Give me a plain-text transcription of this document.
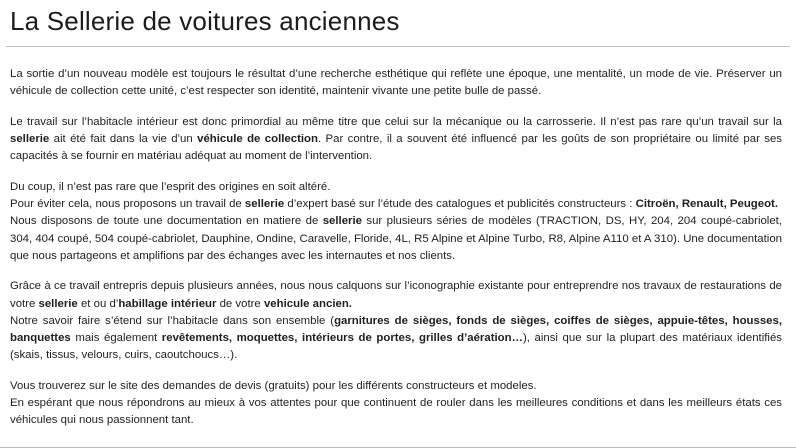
La Sellerie de voitures anciennes

La sortie d’un nouveau modèle est toujours le résultat d’une recherche esthétique qui reflète une époque, une mentalité, un mode de vie. Préserver un véhicule de collection cette unité, c’est respecter son identité, maintenir vivante une petite bulle de passé.

Le travail sur l’habitacle intérieur est donc primordial au même titre que celui sur la mécanique ou la carrosserie. Il n’est pas rare qu’un travail sur la sellerie ait été fait dans la vie d’un véhicule de collection. Par contre, il a souvent été influencé par les goûts de son propriétaire ou limité par ses capacités à se fournir en matériau adéquat au moment de l’intervention.

Du coup, il n’est pas rare que l’esprit des origines en soit altéré.

Pour éviter cela, nous proposons un travail de sellerie d’expert basé sur l’étude des catalogues et publicités constructeurs : Citroën, Renault, Peugeot.

Nous disposons de toute une documentation en matiere de sellerie sur plusieurs séries de modèles (TRACTION, DS, HY, 204, 204 coupé-cabriolet, 304, 404 coupé, 504 coupé-cabriolet, Dauphine, Ondine, Caravelle, Floride, 4L, R5 Alpine et Alpine Turbo, R8, Alpine A110 et A 310). Une documentation que nous partageons et amplifions par des échanges avec les internautes et nos clients.

Grâce à ce travail entrepris depuis plusieurs années, nous nous calquons sur l’iconographie existante pour entreprendre nos travaux de restaurations de votre sellerie et ou d’habillage intérieur de votre vehicule ancien.

Notre savoir faire s’étend sur l’habitacle dans son ensemble (garnitures de sièges, fonds de sièges, coiffes de sièges, appuie-têtes, housses, banquettes mais également revêtements, moquettes, intérieurs de portes, grilles d’aération…), ainsi que sur la plupart des matériaux identifiés (skais, tissus, velours, cuirs, caoutchoucs…).

Vous trouverez sur le site des demandes de devis (gratuits) pour les différents constructeurs et modeles.

En espérant que nous répondrons au mieux à vos attentes pour que continuent de rouler dans les meilleures conditions et dans les meilleurs états ces véhicules qui nous passionnent tant.
